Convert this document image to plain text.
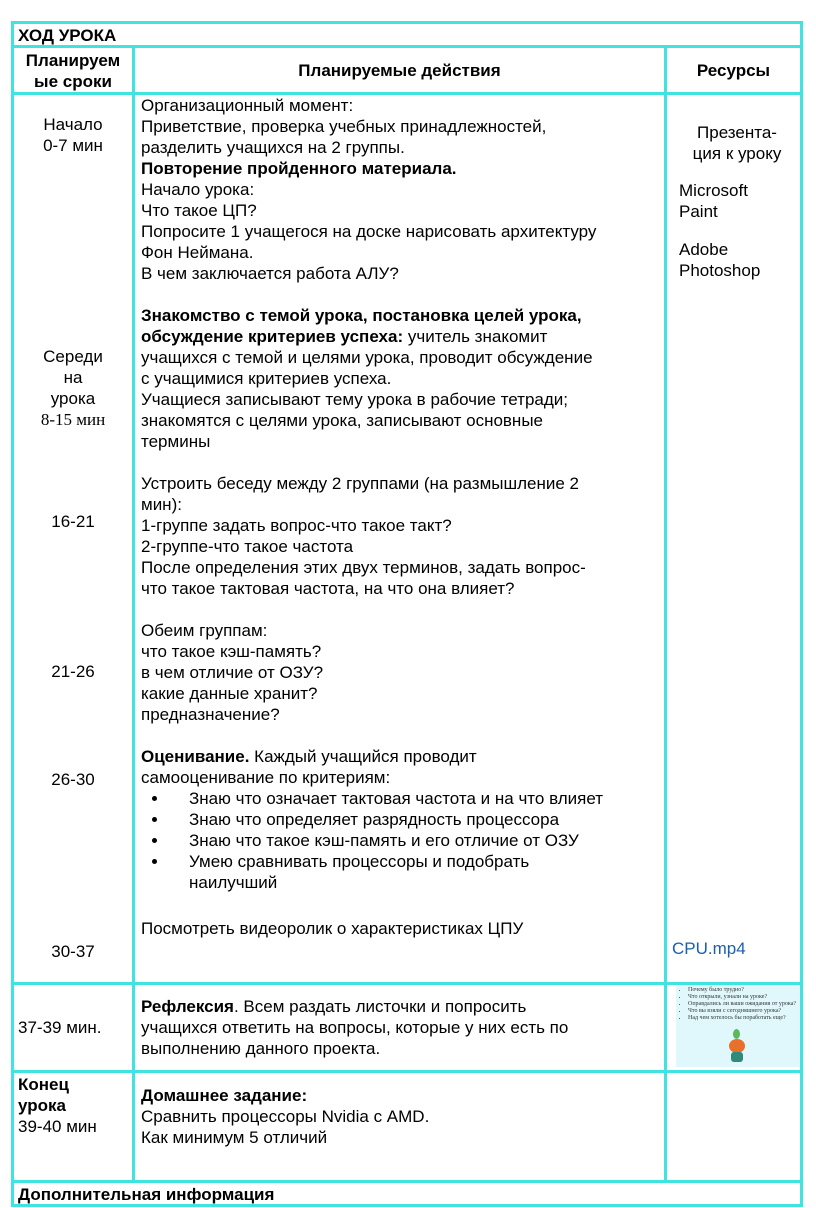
ХОД УРОКА
Планируем
ые сроки
Планируемые действия	Ресурсы
Начало
0-7 мин
Середи
на
урока
8-15 мин
16-21
21-26
26-30
30-37
37-39 мин.
Конец
урока
39-40 мин
Презента-
ция к уроку
Microsoft
Paint
Adobe
Photoshop
CPU.mp4
• Почему было трудно?
• Что открыли, узнали на уроке?
• Оправдались ли ваши ожидания от урока?
• Что вы взяли с сегодняшнего урока?
• Над чем хотелось бы поработать еще?

Организационный момент:

Приветствие, проверка учебных принадлежностей,

разделить учащихся на 2 группы.

Повторение пройденного материала.

Начало урока:

Что такое ЦП?

Попросите 1 учащегося на доске нарисовать архитектуру

Фон Неймана.

В чем заключается работа АЛУ?

Знакомство с темой урока, постановка целей урока,

обсуждение критериев успеха: учитель знакомит

учащихся с темой и целями урока, проводит обсуждение

с учащимися критериев успеха.

Учащиеся записывают тему урока в рабочие тетради;

знакомятся с целями урока, записывают основные

термины

Устроить беседу между 2 группами (на размышление 2

мин):

1-группе задать вопрос-что такое такт?

2-группе-что такое частота

После определения этих двух терминов, задать вопрос-

что такое тактовая частота, на что она влияет?

Обеим группам:

что такое кэш-память?

в чем отличие от ОЗУ?

какие данные хранит?

предназначение?

Оценивание. Каждый учащийся проводит

самооценивание по критериям:

• Знаю что означает тактовая частота и на что влияет
• Знаю что определяет разрядность процессора
• Знаю что такое кэш-память и его отличие от ОЗУ
• Умею сравнивать процессоры и подобрать наилучший

Посмотреть видеоролик о характеристиках ЦПУ

Рефлексия. Всем раздать листочки и попросить
учащихся ответить на вопросы, которые у них есть по
выполнению данного проекта.
Домашнее задание:
Сравнить процессоры Nvidia с AMD.
Как минимум 5 отличий
Дополнительная информация
